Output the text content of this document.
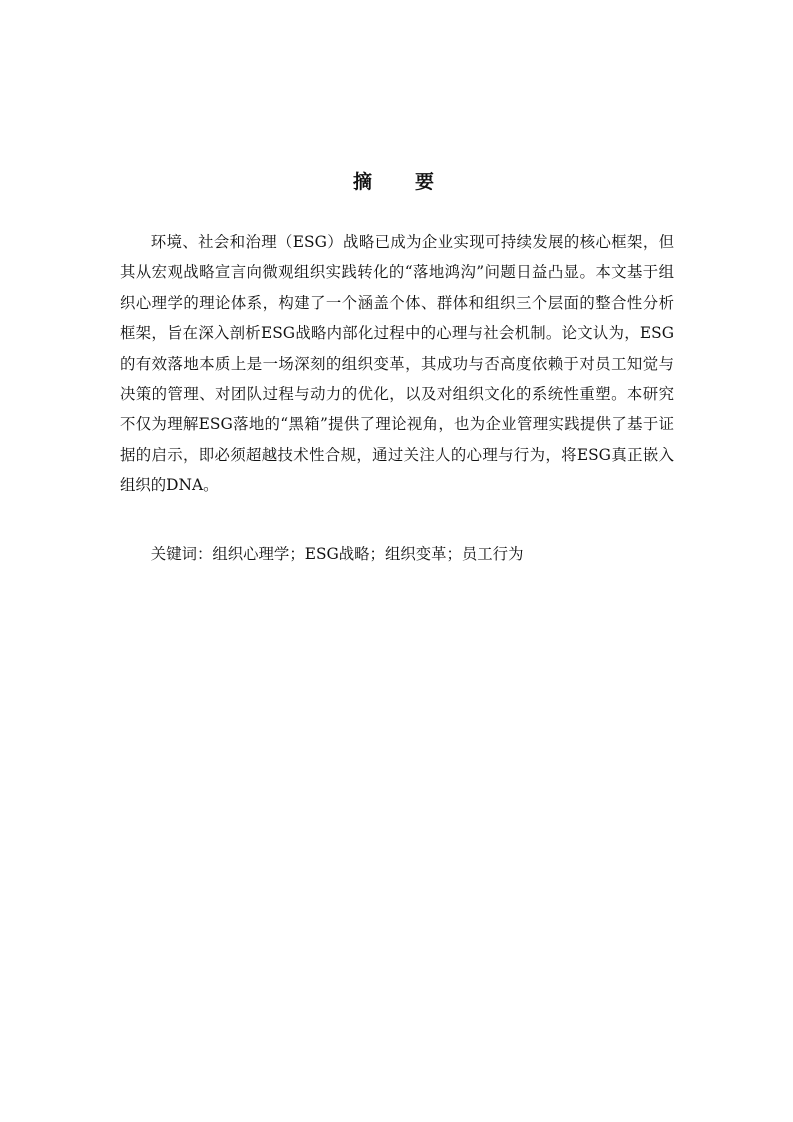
摘　要

环境、社会和治理（ESG）战略已成为企业实现可持续发展的核心框架，但其从宏观战略宣言向微观组织实践转化的“落地鸿沟”问题日益凸显。本文基于组织心理学的理论体系，构建了一个涵盖个体、群体和组织三个层面的整合性分析框架，旨在深入剖析ESG战略内部化过程中的心理与社会机制。论文认为，ESG的有效落地本质上是一场深刻的组织变革，其成功与否高度依赖于对员工知觉与决策的管理、对团队过程与动力的优化，以及对组织文化的系统性重塑。本研究不仅为理解ESG落地的“黑箱”提供了理论视角，也为企业管理实践提供了基于证据的启示，即必须超越技术性合规，通过关注人的心理与行为，将ESG真正嵌入组织的DNA。

关键词：组织心理学；ESG战略；组织变革；员工行为
